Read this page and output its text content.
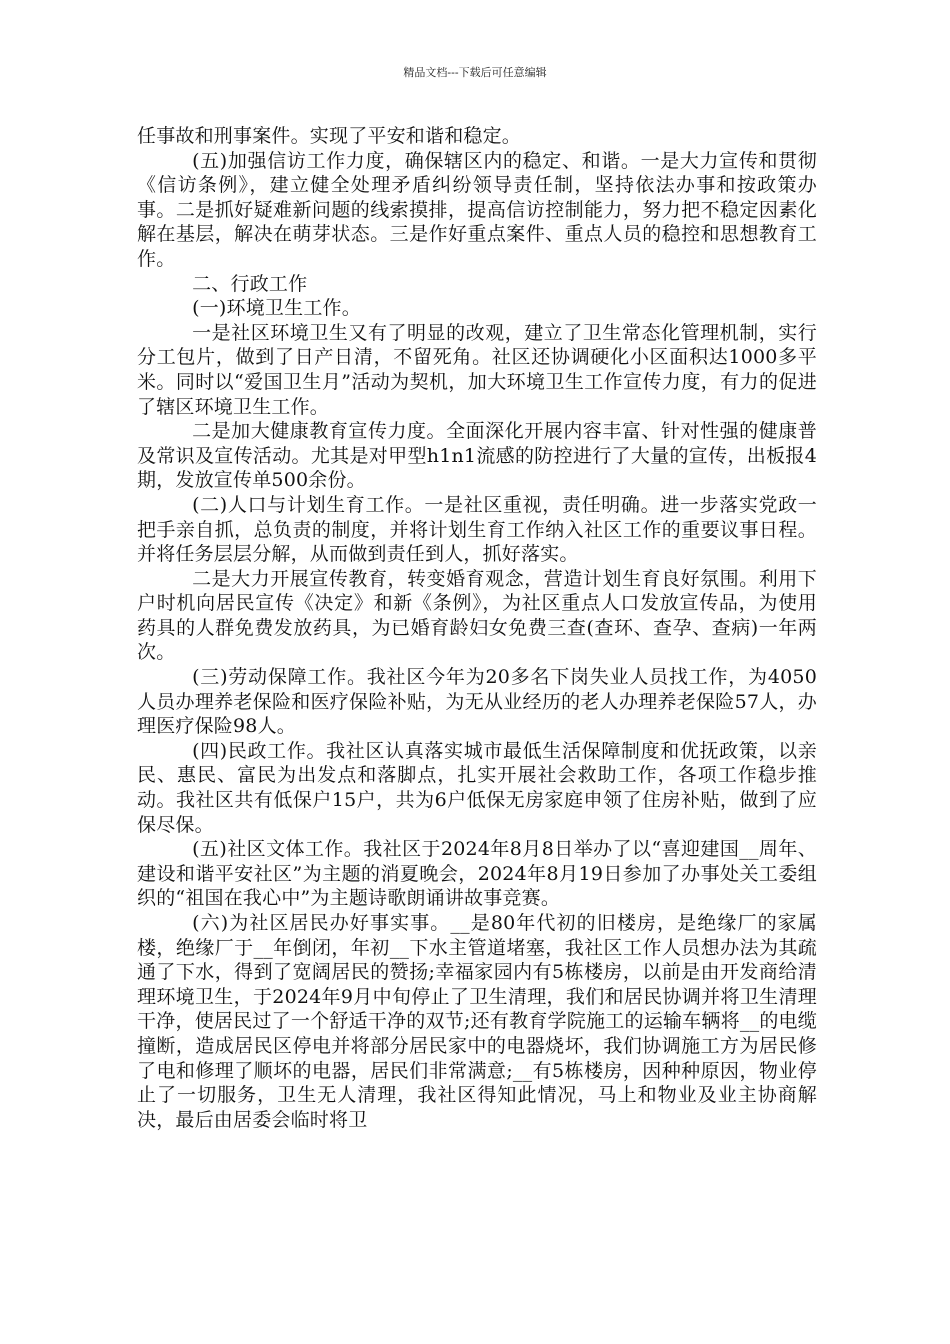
精品文档---下载后可任意编辑

任事故和刑事案件。实现了平安和谐和稳定。

(五)加强信访工作力度，确保辖区内的稳定、和谐。一是大力宣传和贯彻《信访条例》，建立健全处理矛盾纠纷领导责任制，坚持依法办事和按政策办事。二是抓好疑难新问题的线索摸排，提高信访控制能力，努力把不稳定因素化解在基层，解决在萌芽状态。三是作好重点案件、重点人员的稳控和思想教育工作。

二、行政工作

(一)环境卫生工作。

一是社区环境卫生又有了明显的改观，建立了卫生常态化管理机制，实行分工包片，做到了日产日清，不留死角。社区还协调硬化小区面积达1000多平米。同时以“爱国卫生月”活动为契机，加大环境卫生工作宣传力度，有力的促进了辖区环境卫生工作。

二是加大健康教育宣传力度。全面深化开展内容丰富、针对性强的健康普及常识及宣传活动。尤其是对甲型h1n1流感的防控进行了大量的宣传，出板报4期，发放宣传单500余份。

(二)人口与计划生育工作。一是社区重视，责任明确。进一步落实党政一把手亲自抓，总负责的制度，并将计划生育工作纳入社区工作的重要议事日程。并将任务层层分解，从而做到责任到人，抓好落实。

二是大力开展宣传教育，转变婚育观念，营造计划生育良好氛围。利用下户时机向居民宣传《决定》和新《条例》，为社区重点人口发放宣传品，为使用药具的人群免费发放药具，为已婚育龄妇女免费三查(查环、查孕、查病)一年两次。

(三)劳动保障工作。我社区今年为20多名下岗失业人员找工作，为4050人员办理养老保险和医疗保险补贴，为无从业经历的老人办理养老保险57人，办理医疗保险98人。

(四)民政工作。我社区认真落实城市最低生活保障制度和优抚政策，以亲民、惠民、富民为出发点和落脚点，扎实开展社会救助工作，各项工作稳步推动。我社区共有低保户15户，共为6户低保无房家庭申领了住房补贴，做到了应保尽保。

(五)社区文体工作。我社区于2024年8月8日举办了以“喜迎建国__周年、建设和谐平安社区”为主题的消夏晚会，2024年8月19日参加了办事处关工委组织的“祖国在我心中”为主题诗歌朗诵讲故事竞赛。

(六)为社区居民办好事实事。__是80年代初的旧楼房，是绝缘厂的家属楼，绝缘厂于__年倒闭，年初__下水主管道堵塞，我社区工作人员想办法为其疏通了下水，得到了宽阔居民的赞扬;幸福家园内有5栋楼房，以前是由开发商给清理环境卫生，于2024年9月中旬停止了卫生清理，我们和居民协调并将卫生清理干净，使居民过了一个舒适干净的双节;还有教育学院施工的运输车辆将__的电缆撞断，造成居民区停电并将部分居民家中的电器烧坏，我们协调施工方为居民修了电和修理了顺坏的电器，居民们非常满意;__有5栋楼房，因种种原因，物业停止了一切服务，卫生无人清理，我社区得知此情况，马上和物业及业主协商解决，最后由居委会临时将卫
